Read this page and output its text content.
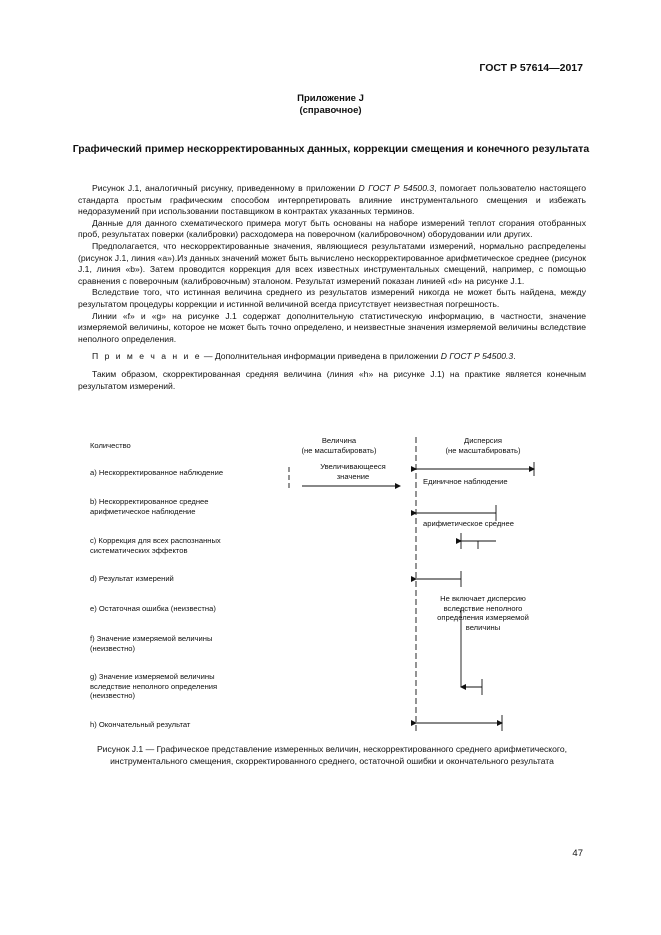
ГОСТ Р 57614—2017
Приложение J
(справочное)
Графический пример нескорректированных данных, коррекции смещения и конечного результата

Рисунок J.1, аналогичный рисунку, приведенному в приложении D ГОСТ Р 54500.3, помогает пользователю настоящего стандарта простым графическим способом интерпретировать влияние инструментального смещения и избежать недоразумений при использовании поставщиком в контрактах указанных терминов.

Данные для данного схематического примера могут быть основаны на наборе измерений теплот сгорания отобранных проб, результатах поверки (калибровки) расходомера на поверочном (калибровочном) оборудовании или других.

Предполагается, что нескорректированные значения, являющиеся результатами измерений, нормально распределены (рисунок J.1, линия «а»).Из данных значений может быть вычислено нескорректированное арифметическое среднее (рисунок J.1, линия «b»). Затем проводится коррекция для всех известных инструментальных смещений, например, с помощью сравнения с поверочным (калибровочным) эталоном. Результат измерений показан линией «d» на рисунке J.1.

Вследствие того, что истинная величина среднего из результатов измерений никогда не может быть найдена, между результатом процедуры коррекции и истинной величиной всегда присутствует неизвестная погрешность.

Линии «f» и «g» на рисунке J.1 содержат дополнительную статистическую информацию, в частности, значение измеряемой величины, которое не может быть точно определено, и неизвестные значения измеряемой величины вследствие неполного определения.

П р и м е ч а н и е — Дополнительная информации приведена в приложении D ГОСТ Р 54500.3.

Таким образом, скорректированная средняя величина (линия «h» на рисунке J.1) на практике является конечным результатом измерений.

Количество
Величина
(не масштабировать)
Дисперсия
(не масштабировать)
а) Нескорректированное наблюдение
b) Нескорректированное среднее
арифметическое наблюдение
с) Коррекция для всех распознанных
систематических эффектов
d) Результат измерений
е) Остаточная ошибка (неизвестна)
f) Значение измеряемой величины
(неизвестно)
g) Значение измеряемой величины
вследствие неполного определения
(неизвестно)
h) Окончательный результат
Увеличивающееся
значение
Единичное наблюдение
арифметическое среднее
Не включает дисперсию
вследствие неполного
определения измеряемой
величины
Рисунок J.1 — Графическое представление измеренных величин, нескорректированного среднего арифметического, инструментального смещения, скорректированного среднего, остаточной ошибки и окончательного результата
47
